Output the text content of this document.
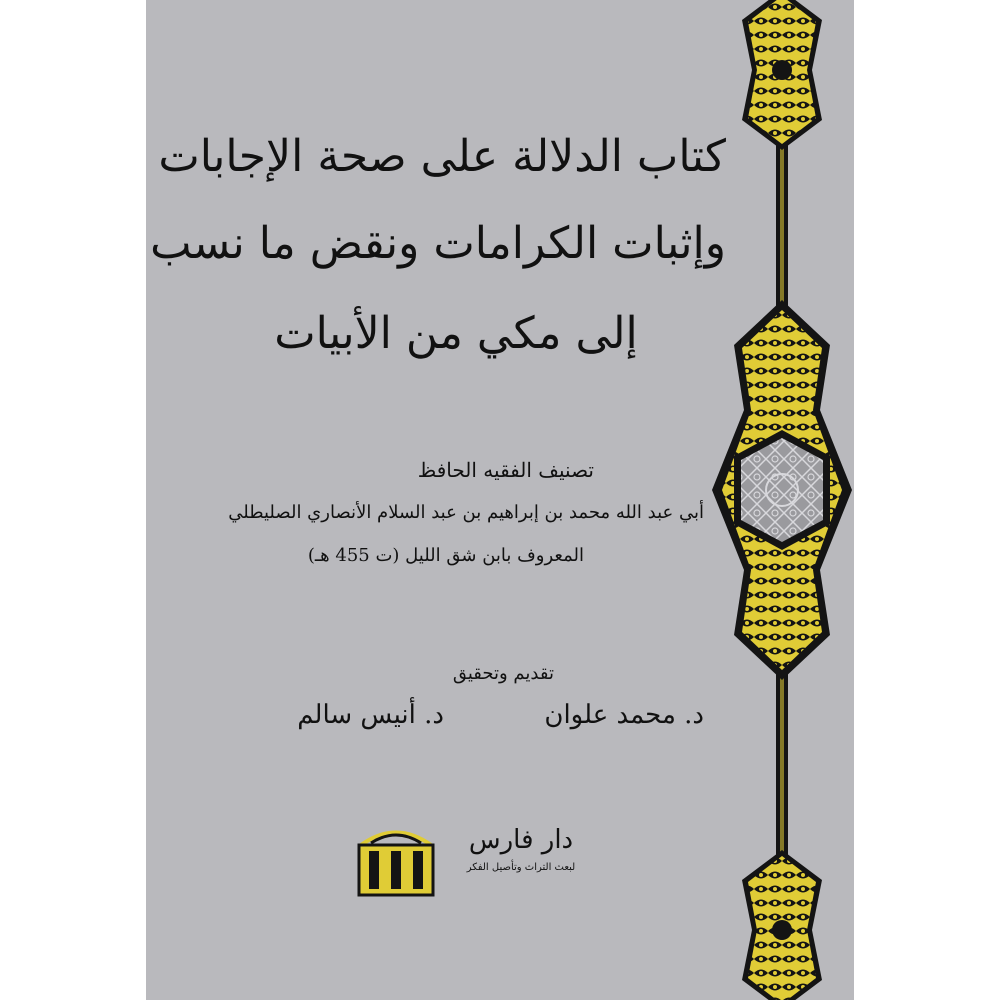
كتاب الدلالة على صحة الإجابات
وإثبات الكرامات ونقض ما نسب
إلى مكي من الأبيات
تصنيف الفقيه الحافظ
أبي عبد الله محمد بن إبراهيم بن عبد السلام الأنصاري الصليطلي
المعروف بابن شق الليل (ت 455 هـ)
تقديم وتحقيق
د. محمد علوان
د. أنيس سالم
دار فارس
لبعث التراث وتأصيل الفكر
